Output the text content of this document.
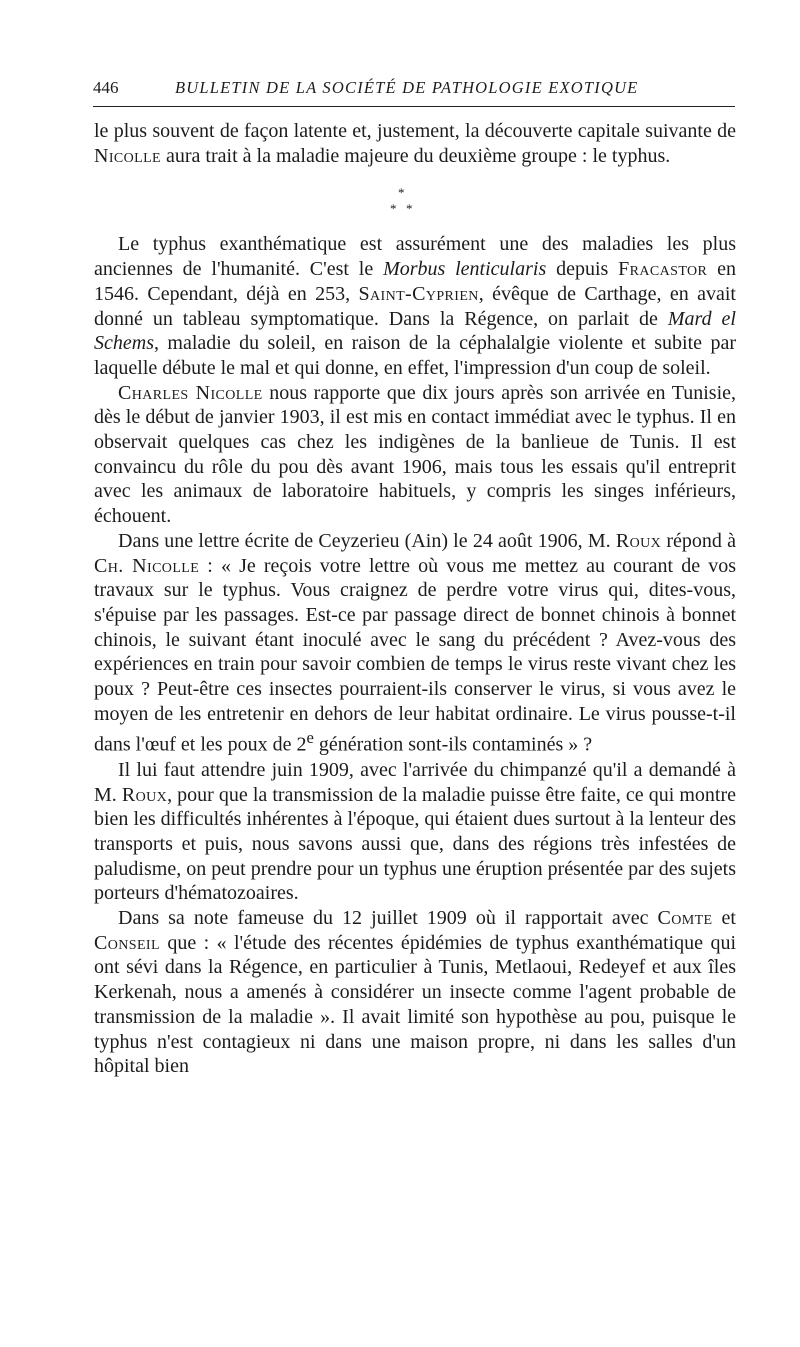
446	BULLETIN DE LA SOCIÉTÉ DE PATHOLOGIE EXOTIQUE

le plus souvent de façon latente et, justement, la découverte capitale suivante de Nicolle aura trait à la maladie majeure du deuxième groupe : le typhus.

*
* *

Le typhus exanthématique est assurément une des maladies les plus anciennes de l'humanité. C'est le Morbus lenticularis depuis Fracastor en 1546. Cependant, déjà en 253, Saint-Cyprien, évêque de Carthage, en avait donné un tableau symptomatique. Dans la Régence, on parlait de Mard el Schems, maladie du soleil, en raison de la céphalalgie violente et subite par laquelle débute le mal et qui donne, en effet, l'impression d'un coup de soleil.

Charles Nicolle nous rapporte que dix jours après son arrivée en Tunisie, dès le début de janvier 1903, il est mis en contact immédiat avec le typhus. Il en observait quelques cas chez les indigènes de la banlieue de Tunis. Il est convaincu du rôle du pou dès avant 1906, mais tous les essais qu'il entreprit avec les animaux de laboratoire habituels, y compris les singes inférieurs, échouent.

Dans une lettre écrite de Ceyzerieu (Ain) le 24 août 1906, M. Roux répond à Ch. Nicolle : « Je reçois votre lettre où vous me mettez au courant de vos travaux sur le typhus. Vous craignez de perdre votre virus qui, dites-vous, s'épuise par les passages. Est-ce par passage direct de bonnet chinois à bonnet chinois, le suivant étant inoculé avec le sang du précédent ? Avez-vous des expériences en train pour savoir combien de temps le virus reste vivant chez les poux ? Peut-être ces insectes pourraient-ils conserver le virus, si vous avez le moyen de les entretenir en dehors de leur habitat ordinaire. Le virus pousse-t-il dans l'œuf et les poux de 2e génération sont-ils contaminés » ?

Il lui faut attendre juin 1909, avec l'arrivée du chimpanzé qu'il a demandé à M. Roux, pour que la transmission de la maladie puisse être faite, ce qui montre bien les difficultés inhérentes à l'époque, qui étaient dues surtout à la lenteur des transports et puis, nous savons aussi que, dans des régions très infestées de paludisme, on peut prendre pour un typhus une éruption présentée par des sujets porteurs d'hématozoaires.

Dans sa note fameuse du 12 juillet 1909 où il rapportait avec Comte et Conseil que : « l'étude des récentes épidémies de typhus exanthématique qui ont sévi dans la Régence, en particulier à Tunis, Metlaoui, Redeyef et aux îles Kerkenah, nous a amenés à considérer un insecte comme l'agent probable de transmission de la maladie ». Il avait limité son hypothèse au pou, puisque le typhus n'est contagieux ni dans une maison propre, ni dans les salles d'un hôpital bien
